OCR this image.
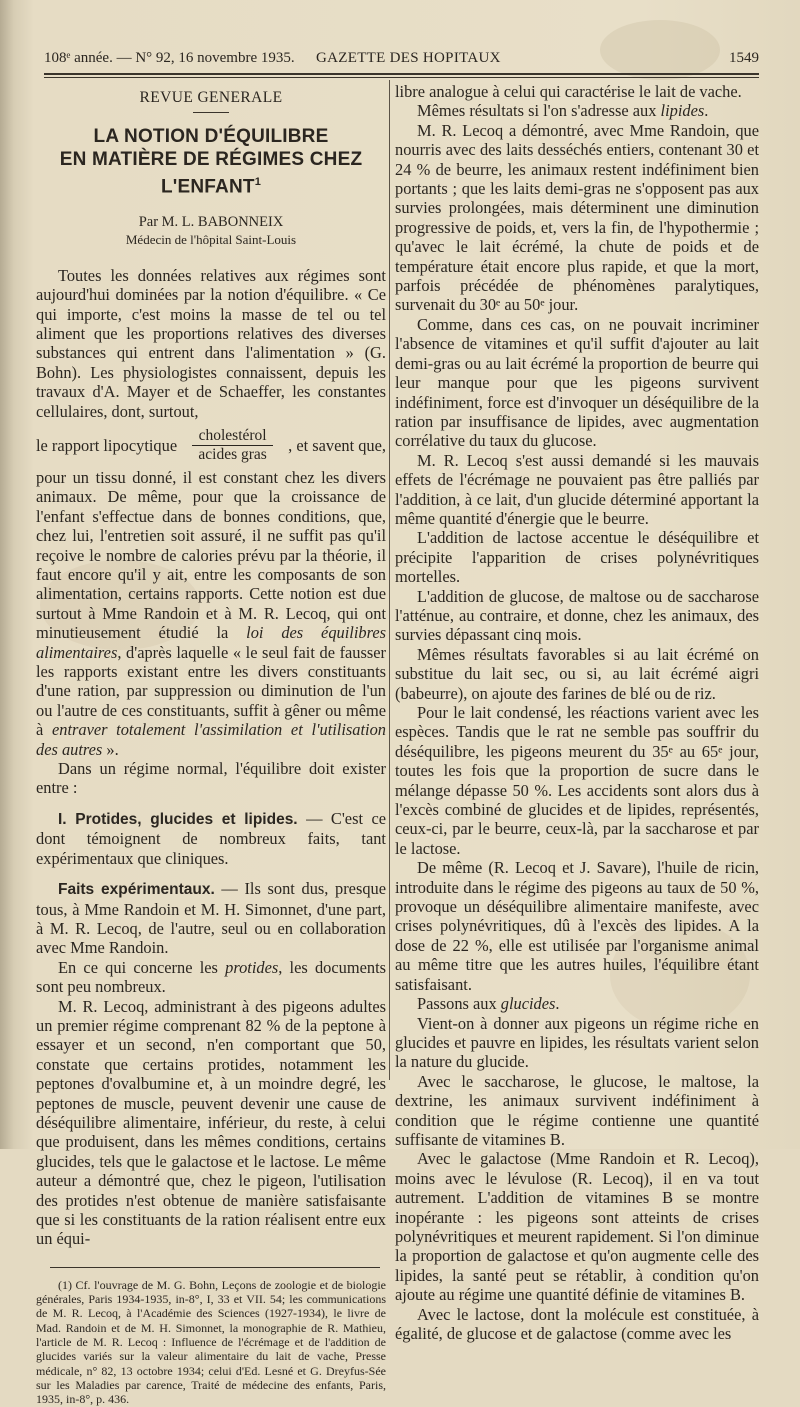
108ᵉ année. — N° 92, 16 novembre 1935. GAZETTE DES HOPITAUX	1549
REVUE GENERALE
LA NOTION D'ÉQUILIBRE
EN MATIÈRE DE RÉGIMES CHEZ L'ENFANT$^1$
Par M. L. BABONNEIX
Médecin de l'hôpital Saint-Louis

Toutes les données relatives aux régimes sont aujourd'hui dominées par la notion d'équilibre. « Ce qui importe, c'est moins la masse de tel ou tel aliment que les proportions relatives des diverses substances qui entrent dans l'alimentation » (G. Bohn). Les physiologistes connaissent, depuis les travaux d'A. Mayer et de Schaeffer, les constantes cellulaires, dont, surtout,

le rapport lipocytique $\frac{\text{cholestérol}}{\text{acides gras}}$ , et savent que,

pour un tissu donné, il est constant chez les divers animaux. De même, pour que la croissance de l'enfant s'effectue dans de bonnes conditions, que, chez lui, l'entretien soit assuré, il ne suffit pas qu'il reçoive le nombre de calories prévu par la théorie, il faut encore qu'il y ait, entre les composants de son alimentation, certains rapports. Cette notion est due surtout à Mme Randoin et à M. R. Lecoq, qui ont minutieusement étudié la loi des équilibres alimentaires, d'après laquelle « le seul fait de fausser les rapports existant entre les divers constituants d'une ration, par suppression ou diminution de l'un ou l'autre de ces constituants, suffit à gêner ou même à entraver totalement l'assimilation et l'utilisation des autres ».

Dans un régime normal, l'équilibre doit exister entre :

I. Protides, glucides et lipides. — C'est ce dont témoignent de nombreux faits, tant expérimentaux que cliniques.

Faits expérimentaux. — Ils sont dus, presque tous, à Mme Randoin et M. H. Simonnet, d'une part, à M. R. Lecoq, de l'autre, seul ou en collaboration avec Mme Randoin.

En ce qui concerne les protides, les documents sont peu nombreux.

M. R. Lecoq, administrant à des pigeons adultes un premier régime comprenant 82 % de la peptone à essayer et un second, n'en comportant que 50, constate que certains protides, notamment les peptones d'ovalbumine et, à un moindre degré, les peptones de muscle, peuvent devenir une cause de déséquilibre alimentaire, inférieur, du reste, à celui que produisent, dans les mêmes conditions, certains glucides, tels que le galactose et le lactose. Le même auteur a démontré que, chez le pigeon, l'utilisation des protides n'est obtenue de manière satisfaisante que si les constituants de la ration réalisent entre eux un équi-

(1) Cf. l'ouvrage de M. G. Bohn, Leçons de zoologie et de biologie générales, Paris 1934-1935, in-8°, I, 33 et VII. 54; les communications de M. R. Lecoq, à l'Académie des Sciences (1927-1934), le livre de Mad. Randoin et de M. H. Simonnet, la monographie de R. Mathieu, l'article de M. R. Lecoq : Influence de l'écrémage et de l'addition de glucides variés sur la valeur alimentaire du lait de vache, Presse médicale, n° 82, 13 octobre 1934; celui d'Ed. Lesné et G. Dreyfus-Sée sur les Maladies par carence, Traité de médecine des enfants, Paris, 1935, in-8°, p. 436.

libre analogue à celui qui caractérise le lait de vache.

Mêmes résultats si l'on s'adresse aux lipides.

M. R. Lecoq a démontré, avec Mme Randoin, que nourris avec des laits desséchés entiers, contenant 30 et 24 % de beurre, les animaux restent indéfiniment bien portants ; que les laits demi-gras ne s'opposent pas aux survies prolongées, mais déterminent une diminution progressive de poids, et, vers la fin, de l'hypothermie ; qu'avec le lait écrémé, la chute de poids et de température était encore plus rapide, et que la mort, parfois précédée de phénomènes paralytiques, survenait du 30ᵉ au 50ᵉ jour.

Comme, dans ces cas, on ne pouvait incriminer l'absence de vitamines et qu'il suffit d'ajouter au lait demi-gras ou au lait écrémé la proportion de beurre qui leur manque pour que les pigeons survivent indéfiniment, force est d'invoquer un déséquilibre de la ration par insuffisance de lipides, avec augmentation corrélative du taux du glucose.

M. R. Lecoq s'est aussi demandé si les mauvais effets de l'écrémage ne pouvaient pas être palliés par l'addition, à ce lait, d'un glucide déterminé apportant la même quantité d'énergie que le beurre.

L'addition de lactose accentue le déséquilibre et précipite l'apparition de crises polynévritiques mortelles.

L'addition de glucose, de maltose ou de saccharose l'atténue, au contraire, et donne, chez les animaux, des survies dépassant cinq mois.

Mêmes résultats favorables si au lait écrémé on substitue du lait sec, ou si, au lait écrémé aigri (babeurre), on ajoute des farines de blé ou de riz.

Pour le lait condensé, les réactions varient avec les espèces. Tandis que le rat ne semble pas souffrir du déséquilibre, les pigeons meurent du 35ᵉ au 65ᵉ jour, toutes les fois que la proportion de sucre dans le mélange dépasse 50 %. Les accidents sont alors dus à l'excès combiné de glucides et de lipides, représentés, ceux-ci, par le beurre, ceux-là, par la saccharose et par le lactose.

De même (R. Lecoq et J. Savare), l'huile de ricin, introduite dans le régime des pigeons au taux de 50 %, provoque un déséquilibre alimentaire manifeste, avec crises polynévritiques, dû à l'excès des lipides. A la dose de 22 %, elle est utilisée par l'organisme animal au même titre que les autres huiles, l'équilibre étant satisfaisant.

Passons aux glucides.

Vient-on à donner aux pigeons un régime riche en glucides et pauvre en lipides, les résultats varient selon la nature du glucide.

Avec le saccharose, le glucose, le maltose, la dextrine, les animaux survivent indéfiniment à condition que le régime contienne une quantité suffisante de vitamines B.

Avec le galactose (Mme Randoin et R. Lecoq), moins avec le lévulose (R. Lecoq), il en va tout autrement. L'addition de vitamines B se montre inopérante : les pigeons sont atteints de crises polynévritiques et meurent rapidement. Si l'on diminue la proportion de galactose et qu'on augmente celle des lipides, la santé peut se rétablir, à condition qu'on ajoute au régime une quantité définie de vitamines B.

Avec le lactose, dont la molécule est constituée, à égalité, de glucose et de galactose (comme avec les
